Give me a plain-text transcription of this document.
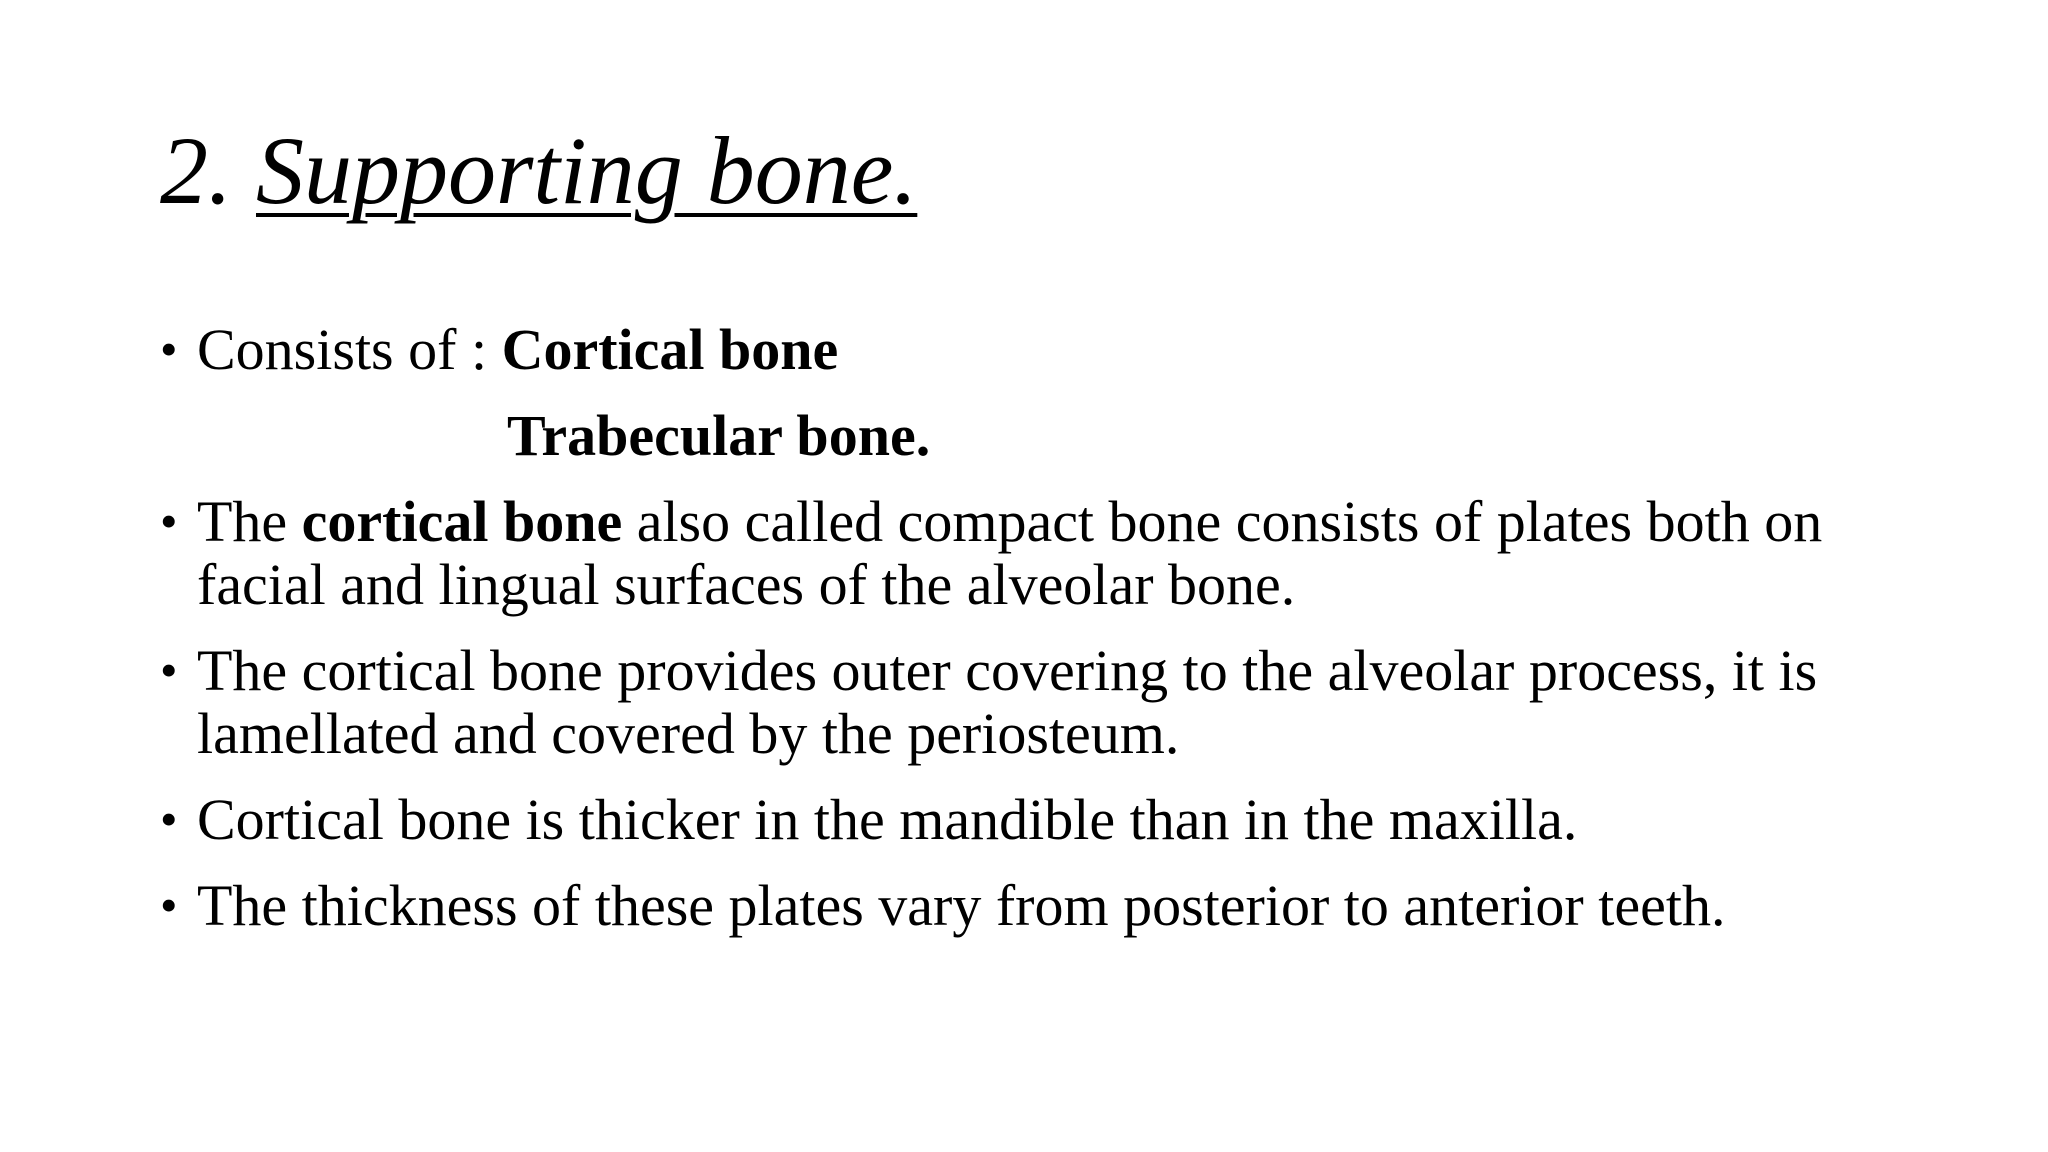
2. Supporting bone.
• Consists of : Cortical bone
Trabecular bone.
• The cortical bone also called compact bone consists of plates both on facial and lingual surfaces of the alveolar bone.
• The cortical bone provides outer covering to the alveolar process, it is lamellated and covered by the periosteum.
• Cortical bone is thicker in the mandible than in the maxilla.
• The thickness of these plates vary from posterior to anterior teeth.
